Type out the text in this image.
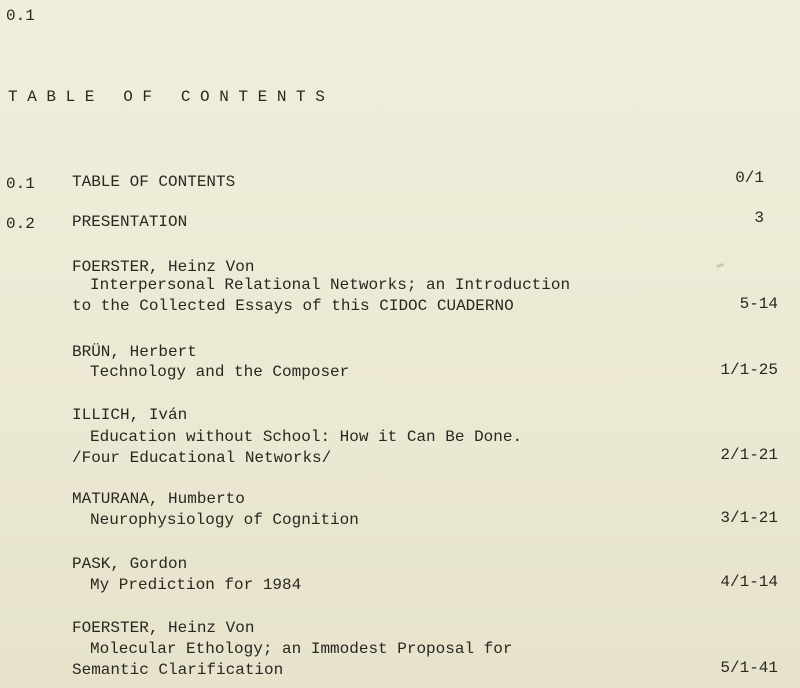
0.1
TABLE OF CONTENTS
0.1 TABLE OF CONTENTS	0/1
0.2 PRESENTATION	3
FOERSTER, Heinz Von
Interpersonal Relational Networks; an Introduction
to the Collected Essays of this CIDOC CUADERNO	5-14
BRÜN, Herbert
Technology and the Composer	1/1-25
ILLICH, Iván
Education without School: How it Can Be Done.
/Four Educational Networks/	2/1-21
MATURANA, Humberto
Neurophysiology of Cognition	3/1-21
PASK, Gordon
My Prediction for 1984	4/1-14
FOERSTER, Heinz Von
Molecular Ethology; an Immodest Proposal for
Semantic Clarification	5/1-41
